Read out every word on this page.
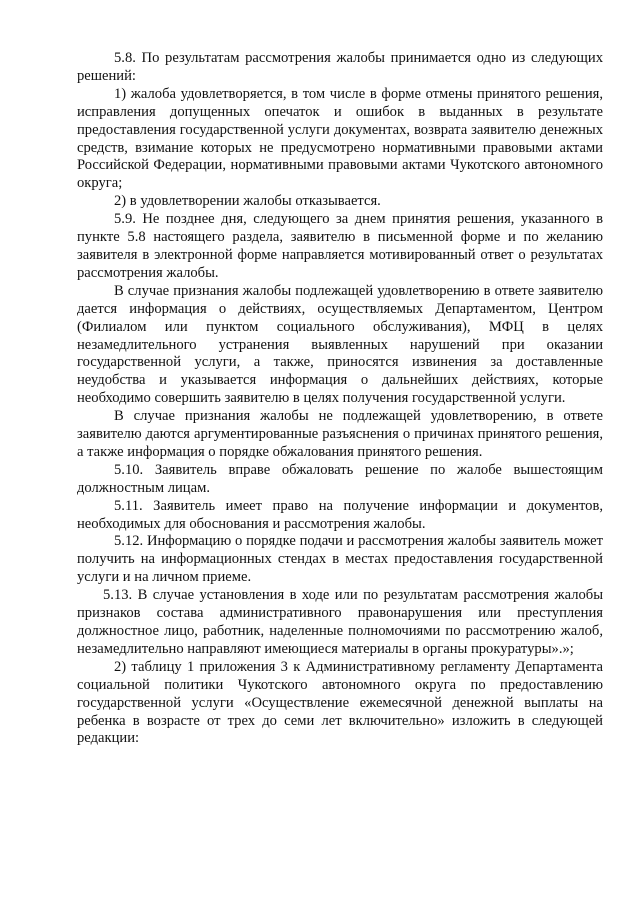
5.8. По результатам рассмотрения жалобы принимается одно из следующих решений:

1) жалоба удовлетворяется, в том числе в форме отмены принятого решения, исправления допущенных опечаток и ошибок в выданных в результате предоставления государственной услуги документах, возврата заявителю денежных средств, взимание которых не предусмотрено нормативными правовыми актами Российской Федерации, нормативными правовыми актами Чукотского автономного округа;

2) в удовлетворении жалобы отказывается.

5.9. Не позднее дня, следующего за днем принятия решения, указанного в пункте 5.8 настоящего раздела, заявителю в письменной форме и по желанию заявителя в электронной форме направляется мотивированный ответ о результатах рассмотрения жалобы.

В случае признания жалобы подлежащей удовлетворению в ответе заявителю дается информация о действиях, осуществляемых Департаментом, Центром (Филиалом или пунктом социального обслуживания), МФЦ в целях незамедлительного устранения выявленных нарушений при оказании государственной услуги, а также, приносятся извинения за доставленные неудобства и указывается информация о дальнейших действиях, которые необходимо совершить заявителю в целях получения государственной услуги.

В случае признания жалобы не подлежащей удовлетворению, в ответе заявителю даются аргументированные разъяснения о причинах принятого решения, а также информация о порядке обжалования принятого решения.

5.10. Заявитель вправе обжаловать решение по жалобе вышестоящим должностным лицам.

5.11. Заявитель имеет право на получение информации и документов, необходимых для обоснования и рассмотрения жалобы.

5.12. Информацию о порядке подачи и рассмотрения жалобы заявитель может получить на информационных стендах в местах предоставления государственной услуги и на личном приеме.

5.13. В случае установления в ходе или по результатам рассмотрения жалобы признаков состава административного правонарушения или преступления должностное лицо, работник, наделенные полномочиями по рассмотрению жалоб, незамедлительно направляют имеющиеся материалы в органы прокуратуры».»;

2) таблицу 1 приложения 3 к Административному регламенту Департамента социальной политики Чукотского автономного округа по предоставлению государственной услуги «Осуществление ежемесячной денежной выплаты на ребенка в возрасте от трех до семи лет включительно» изложить в следующей редакции:
